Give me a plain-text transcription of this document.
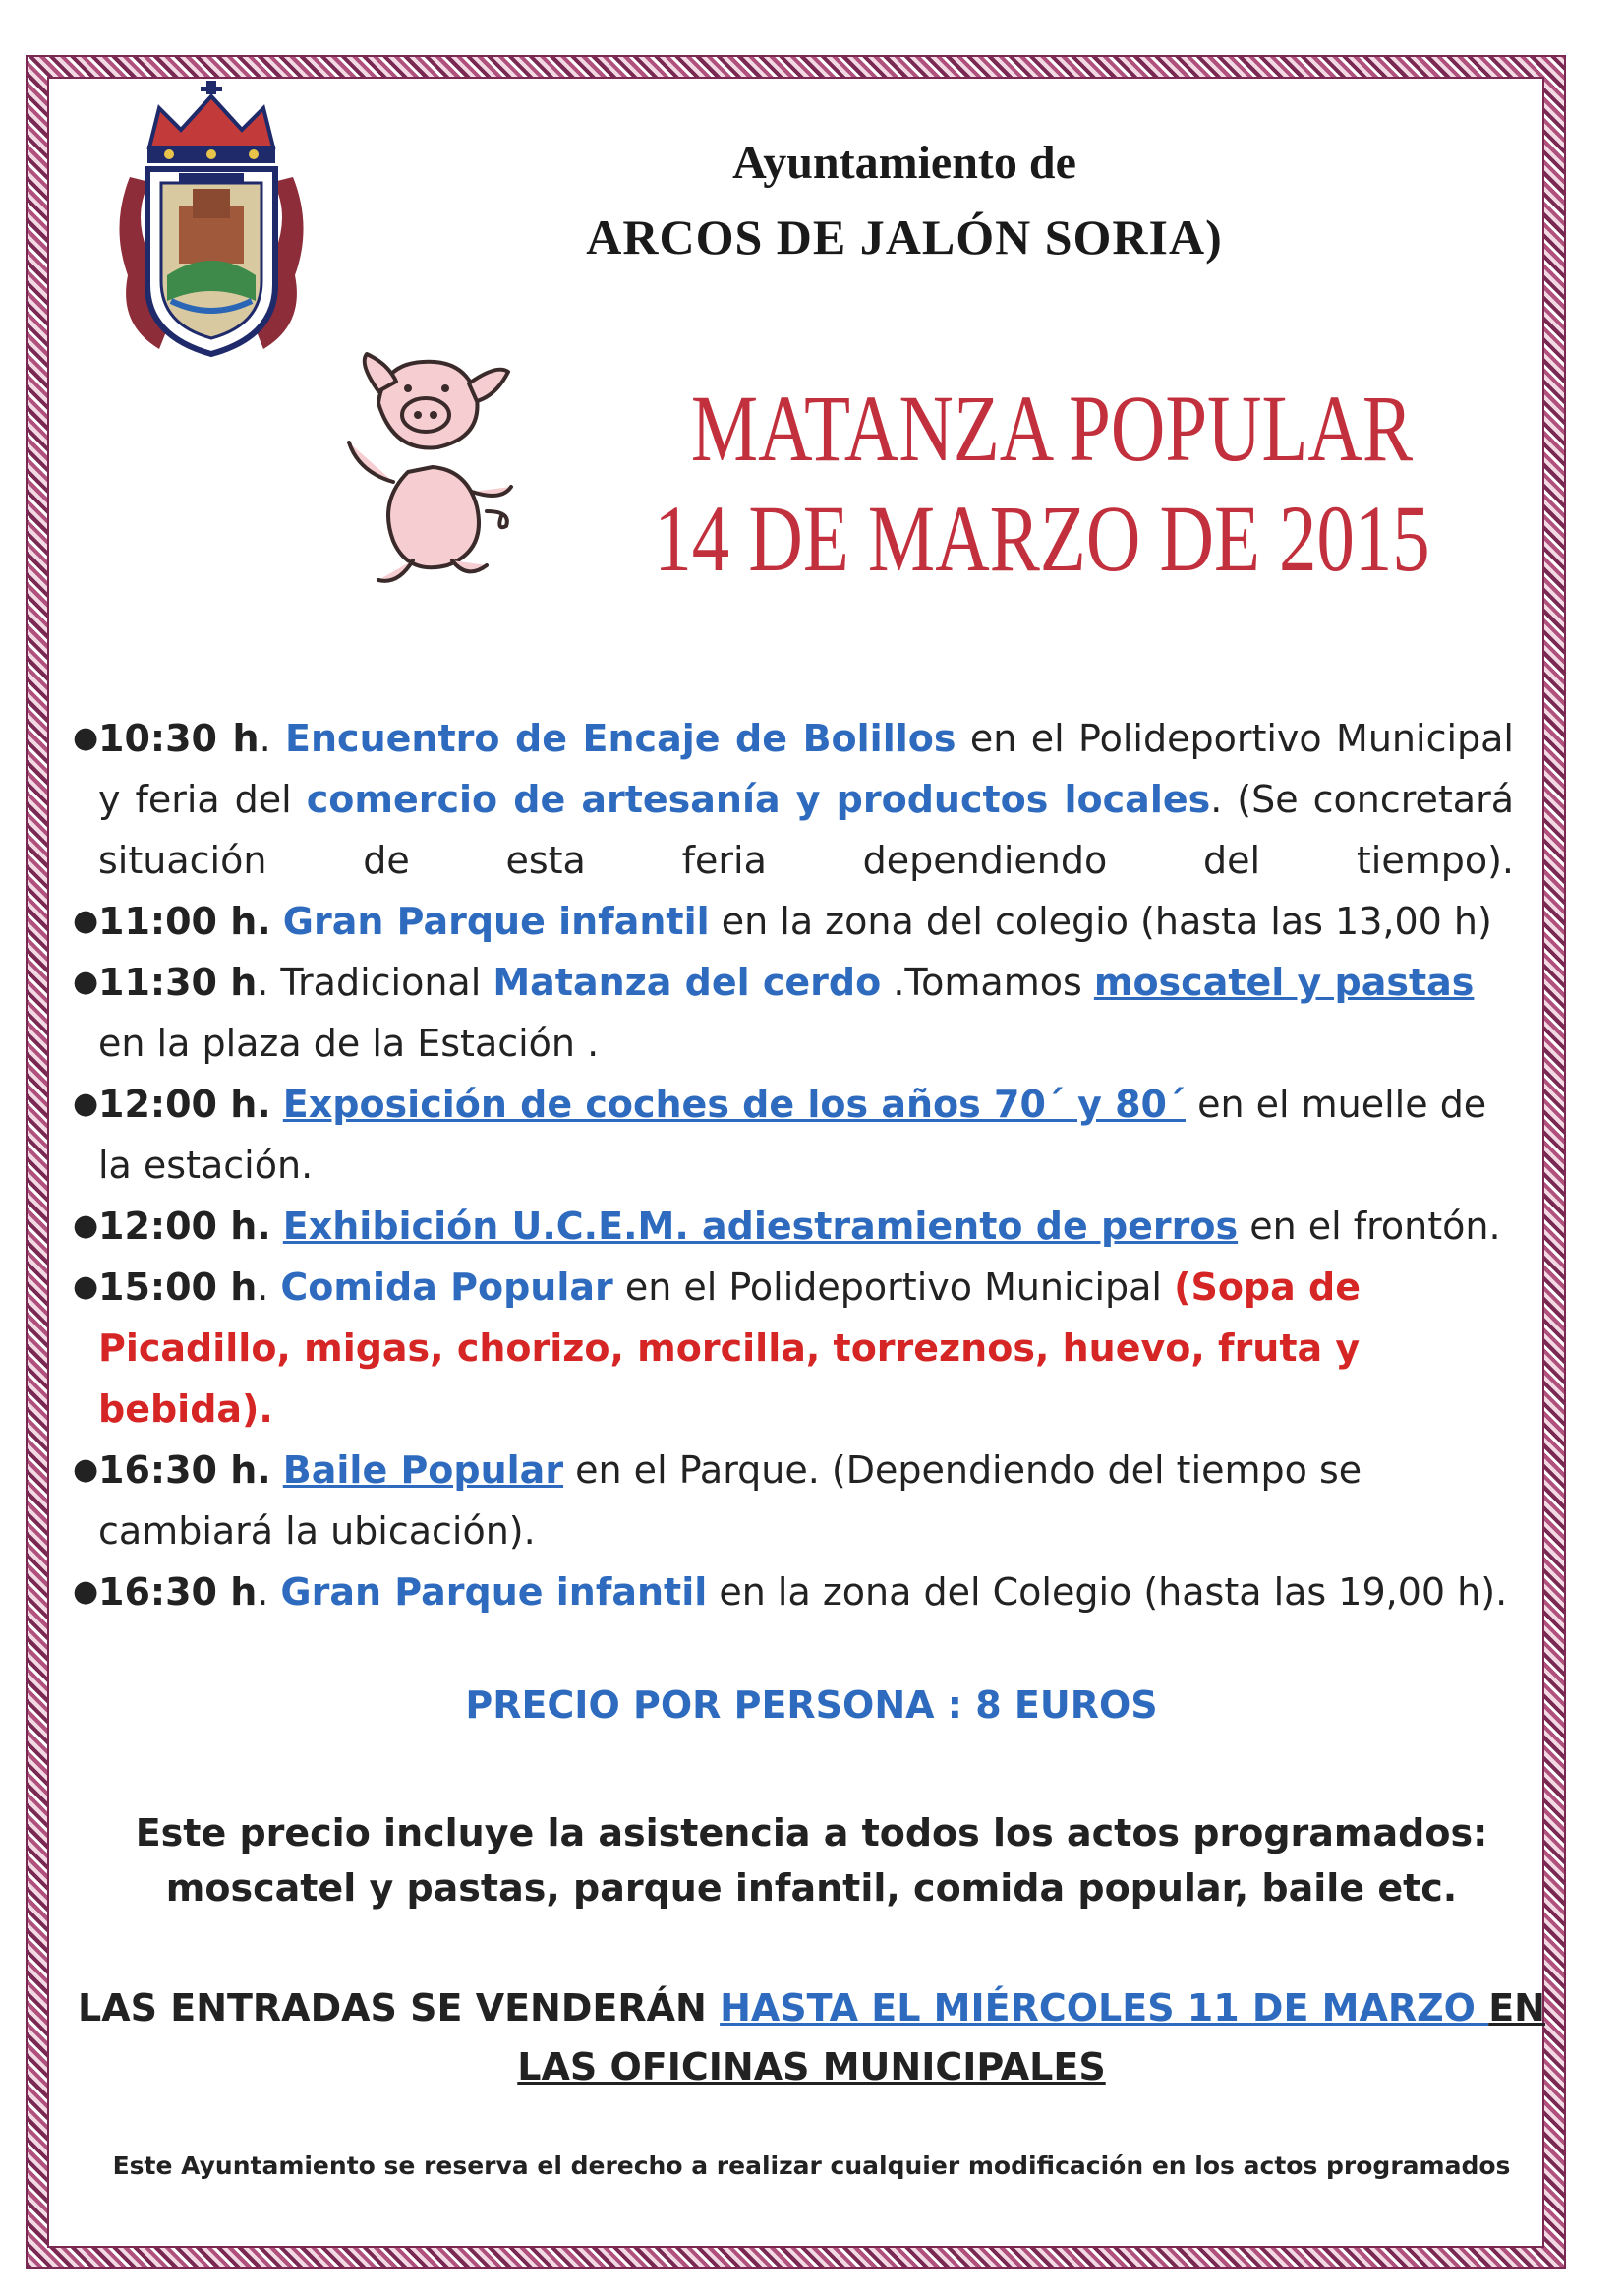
Ayuntamiento de
ARCOS DE JALÓN SORIA)
MATANZA POPULAR
14 DE MARZO DE 2015
● 10:30 h. Encuentro de Encaje de Bolillos en el Polideportivo Municipal y feria del comercio de artesanía y productos locales. (Se concretará situación de esta feria dependiendo del tiempo).
● 11:00 h. Gran Parque infantil en la zona del colegio (hasta las 13,00 h)
● 11:30 h. Tradicional Matanza del cerdo .Tomamos moscatel y pastas en la plaza de la Estación .
● 12:00 h. Exposición de coches de los años 70´ y 80´ en el muelle de la estación.
● 12:00 h. Exhibición U.C.E.M. adiestramiento de perros en el frontón.
● 15:00 h. Comida Popular en el Polideportivo Municipal (Sopa de Picadillo, migas, chorizo, morcilla, torreznos, huevo, fruta y bebida).
● 16:30 h. Baile Popular en el Parque. (Dependiendo del tiempo se cambiará la ubicación).
● 16:30 h. Gran Parque infantil en la zona del Colegio (hasta las 19,00 h).
PRECIO POR PERSONA : 8 EUROS
Este precio incluye la asistencia a todos los actos programados:
moscatel y pastas, parque infantil, comida popular, baile etc.
LAS ENTRADAS SE VENDERÁN HASTA EL MIÉRCOLES 11 DE MARZO EN
LAS OFICINAS MUNICIPALES
Este Ayuntamiento se reserva el derecho a realizar cualquier modificación en los actos programados
